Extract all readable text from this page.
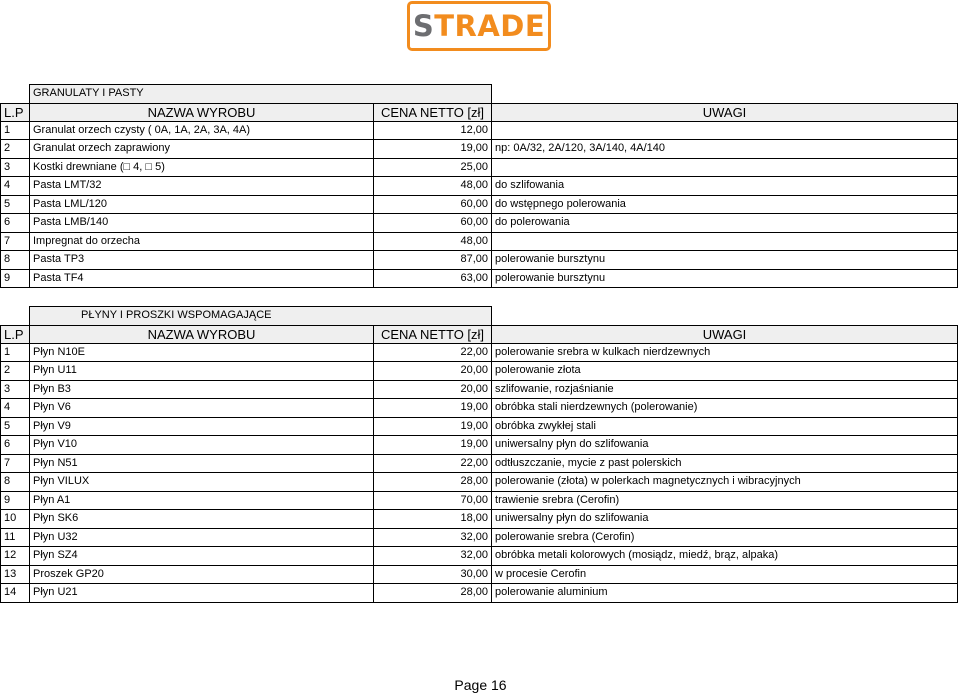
S TRADE
	GRANULATY I PASTY		
L.P	NAZWA WYROBU	CENA NETTO [zł]	UWAGI
1	Granulat orzech czysty ( 0A, 1A, 2A, 3A, 4A)	12,00	
2	Granulat orzech zaprawiony	19,00	np: 0A/32, 2A/120, 3A/140, 4A/140
3	Kostki drewniane (□ 4, □ 5)	25,00	
4	Pasta LMT/32	48,00	do szlifowania
5	Pasta LML/120	60,00	do wstępnego polerowania
6	Pasta LMB/140	60,00	do polerowania
7	Impregnat do orzecha	48,00	
8	Pasta TP3	87,00	polerowanie bursztynu
9	Pasta TF4	63,00	polerowanie bursztynu
	PŁYNY I PROSZKI WSPOMAGAJĄCE		
L.P	NAZWA WYROBU	CENA NETTO [zł]	UWAGI
1	Płyn N10E	22,00	polerowanie srebra w kulkach nierdzewnych
2	Płyn U11	20,00	polerowanie złota
3	Płyn B3	20,00	szlifowanie, rozjaśnianie
4	Płyn V6	19,00	obróbka stali nierdzewnych (polerowanie)
5	Płyn V9	19,00	obróbka zwykłej stali
6	Płyn V10	19,00	uniwersalny płyn do szlifowania
7	Płyn N51	22,00	odtłuszczanie, mycie z past polerskich
8	Płyn VILUX	28,00	polerowanie (złota) w polerkach magnetycznych i wibracyjnych
9	Płyn A1	70,00	trawienie srebra (Cerofin)
10	Płyn SK6	18,00	uniwersalny płyn do szlifowania
11	Płyn U32	32,00	polerowanie srebra (Cerofin)
12	Płyn SZ4	32,00	obróbka metali kolorowych (mosiądz, miedź, brąz, alpaka)
13	Proszek GP20	30,00	w procesie Cerofin
14	Płyn U21	28,00	polerowanie aluminium
Page 16
